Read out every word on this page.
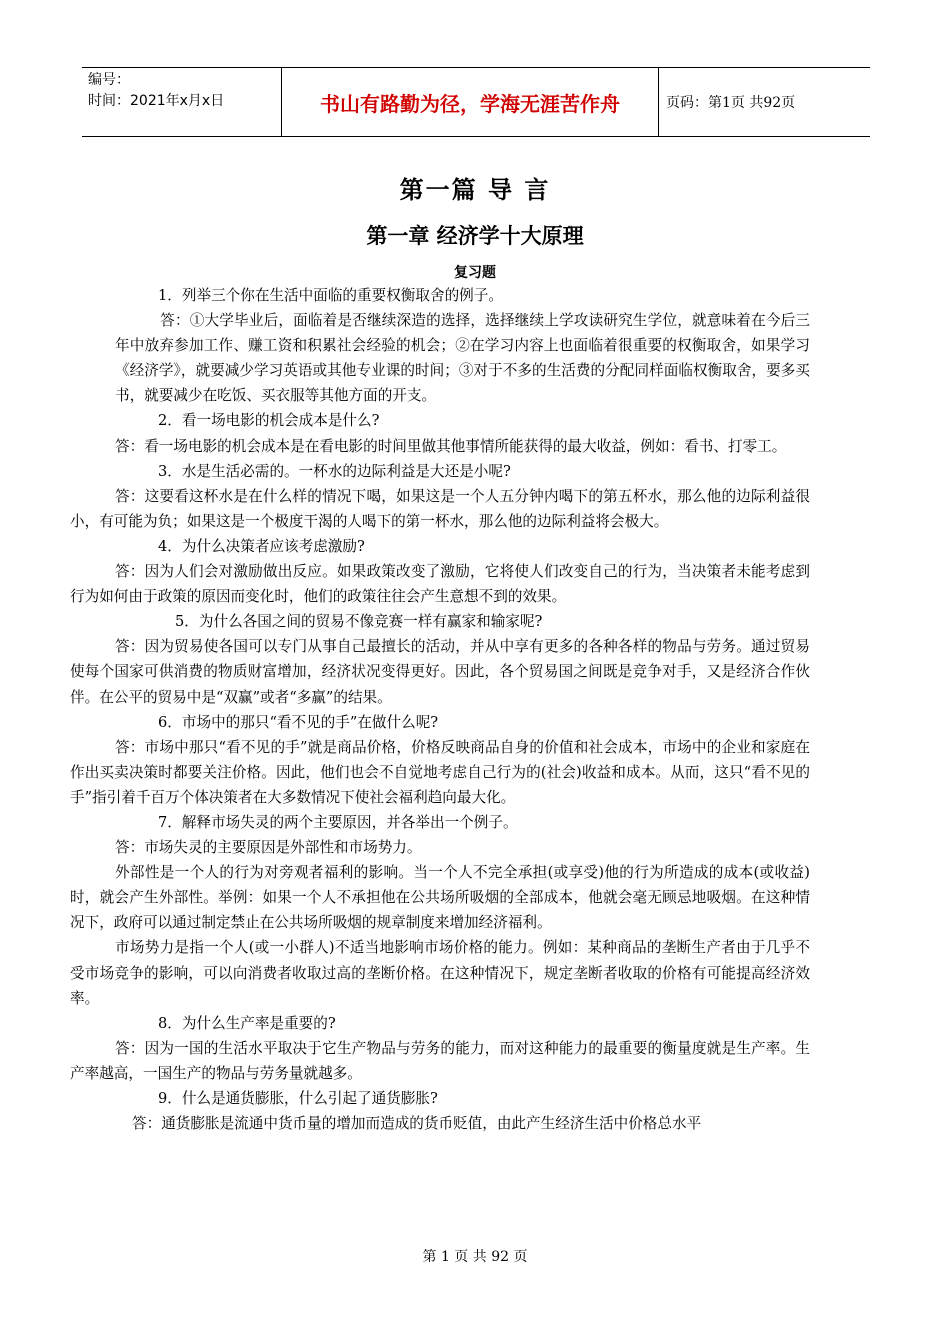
编号：
时间：2021年x月x日	书山有路勤为径，学海无涯苦作舟	页码：第1页 共92页
第一篇 导 言
第一章 经济学十大原理
复习题

1．列举三个你在生活中面临的重要权衡取舍的例子。

答：①大学毕业后，面临着是否继续深造的选择，选择继续上学攻读研究生学位，就意味着在今后三年中放弃参加工作、赚工资和积累社会经验的机会；②在学习内容上也面临着很重要的权衡取舍，如果学习《经济学》，就要减少学习英语或其他专业课的时间；③对于不多的生活费的分配同样面临权衡取舍，要多买书，就要减少在吃饭、买衣服等其他方面的开支。

2．看一场电影的机会成本是什么?

答：看一场电影的机会成本是在看电影的时间里做其他事情所能获得的最大收益，例如：看书、打零工。

3．水是生活必需的。一杯水的边际利益是大还是小呢?

答：这要看这杯水是在什么样的情况下喝，如果这是一个人五分钟内喝下的第五杯水，那么他的边际利益很小，有可能为负；如果这是一个极度干渴的人喝下的第一杯水，那么他的边际利益将会极大。

4．为什么决策者应该考虑激励?

答：因为人们会对激励做出反应。如果政策改变了激励，它将使人们改变自己的行为，当决策者未能考虑到行为如何由于政策的原因而变化时，他们的政策往往会产生意想不到的效果。

5．为什么各国之间的贸易不像竞赛一样有赢家和输家呢?

答：因为贸易使各国可以专门从事自己最擅长的活动，并从中享有更多的各种各样的物品与劳务。通过贸易使每个国家可供消费的物质财富增加，经济状况变得更好。因此，各个贸易国之间既是竞争对手，又是经济合作伙伴。在公平的贸易中是“双赢”或者“多赢”的结果。

6．市场中的那只“看不见的手”在做什么呢?

答：市场中那只“看不见的手”就是商品价格，价格反映商品自身的价值和社会成本，市场中的企业和家庭在作出买卖决策时都要关注价格。因此，他们也会不自觉地考虑自己行为的(社会)收益和成本。从而，这只“看不见的手”指引着千百万个体决策者在大多数情况下使社会福利趋向最大化。

7．解释市场失灵的两个主要原因，并各举出一个例子。

答：市场失灵的主要原因是外部性和市场势力。

外部性是一个人的行为对旁观者福利的影响。当一个人不完全承担(或享受)他的行为所造成的成本(或收益)时，就会产生外部性。举例：如果一个人不承担他在公共场所吸烟的全部成本，他就会毫无顾忌地吸烟。在这种情况下，政府可以通过制定禁止在公共场所吸烟的规章制度来增加经济福利。

市场势力是指一个人(或一小群人)不适当地影响市场价格的能力。例如：某种商品的垄断生产者由于几乎不受市场竞争的影响，可以向消费者收取过高的垄断价格。在这种情况下，规定垄断者收取的价格有可能提高经济效率。

8．为什么生产率是重要的?

答：因为一国的生活水平取决于它生产物品与劳务的能力，而对这种能力的最重要的衡量度就是生产率。生产率越高，一国生产的物品与劳务量就越多。

9．什么是通货膨胀，什么引起了通货膨胀?

答：通货膨胀是流通中货币量的增加而造成的货币贬值，由此产生经济生活中价格总水平

第 1 页 共 92 页
